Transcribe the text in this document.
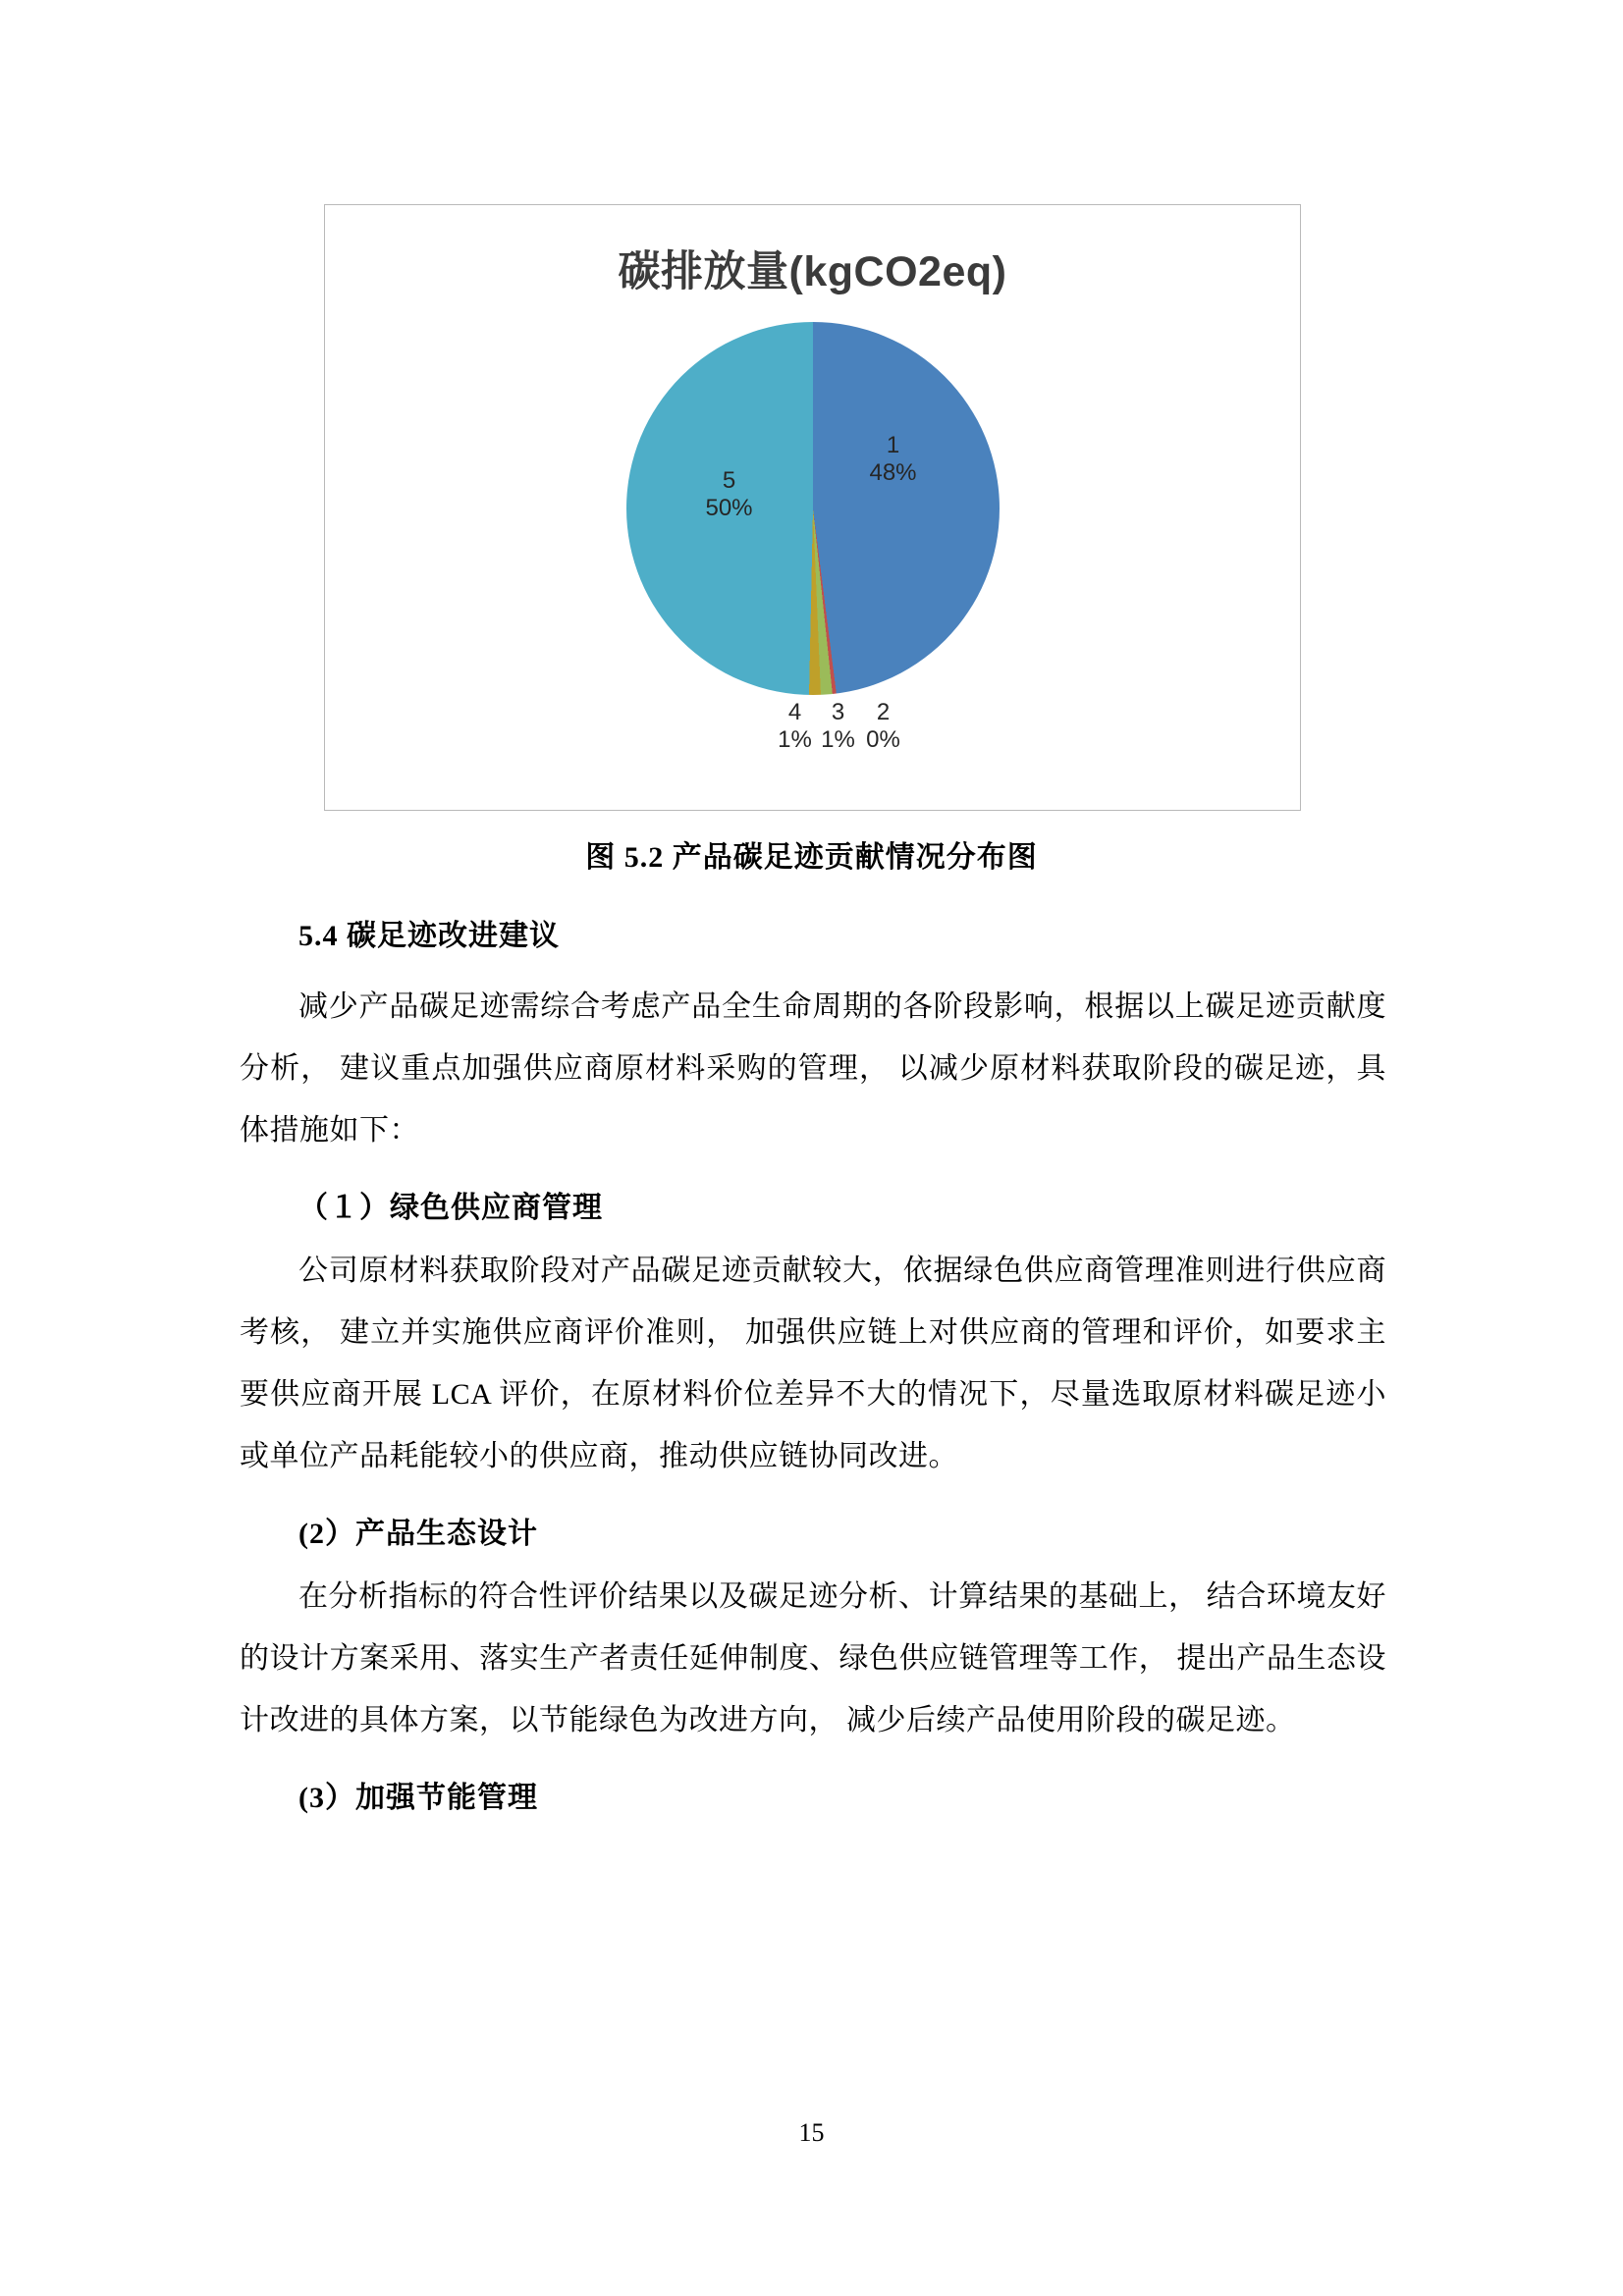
碳排放量(kgCO2eq)
1
48%
5
50%
4
1%
3
1%
2
0%
图 5.2 产品碳足迹贡献情况分布图
5.4 碳足迹改进建议

减少产品碳足迹需综合考虑产品全生命周期的各阶段影响，根据以上碳足迹贡献度分析， 建议重点加强供应商原材料采购的管理， 以减少原材料获取阶段的碳足迹，具体措施如下：

（１）绿色供应商管理

公司原材料获取阶段对产品碳足迹贡献较大，依据绿色供应商管理准则进行供应商考核， 建立并实施供应商评价准则， 加强供应链上对供应商的管理和评价，如要求主要供应商开展 LCA 评价，在原材料价位差异不大的情况下，尽量选取原材料碳足迹小或单位产品耗能较小的供应商，推动供应链协同改进。

(2）产品生态设计

在分析指标的符合性评价结果以及碳足迹分析、计算结果的基础上， 结合环境友好的设计方案采用、落实生产者责任延伸制度、绿色供应链管理等工作， 提出产品生态设计改进的具体方案，以节能绿色为改进方向， 减少后续产品使用阶段的碳足迹。

(3）加强节能管理
15
